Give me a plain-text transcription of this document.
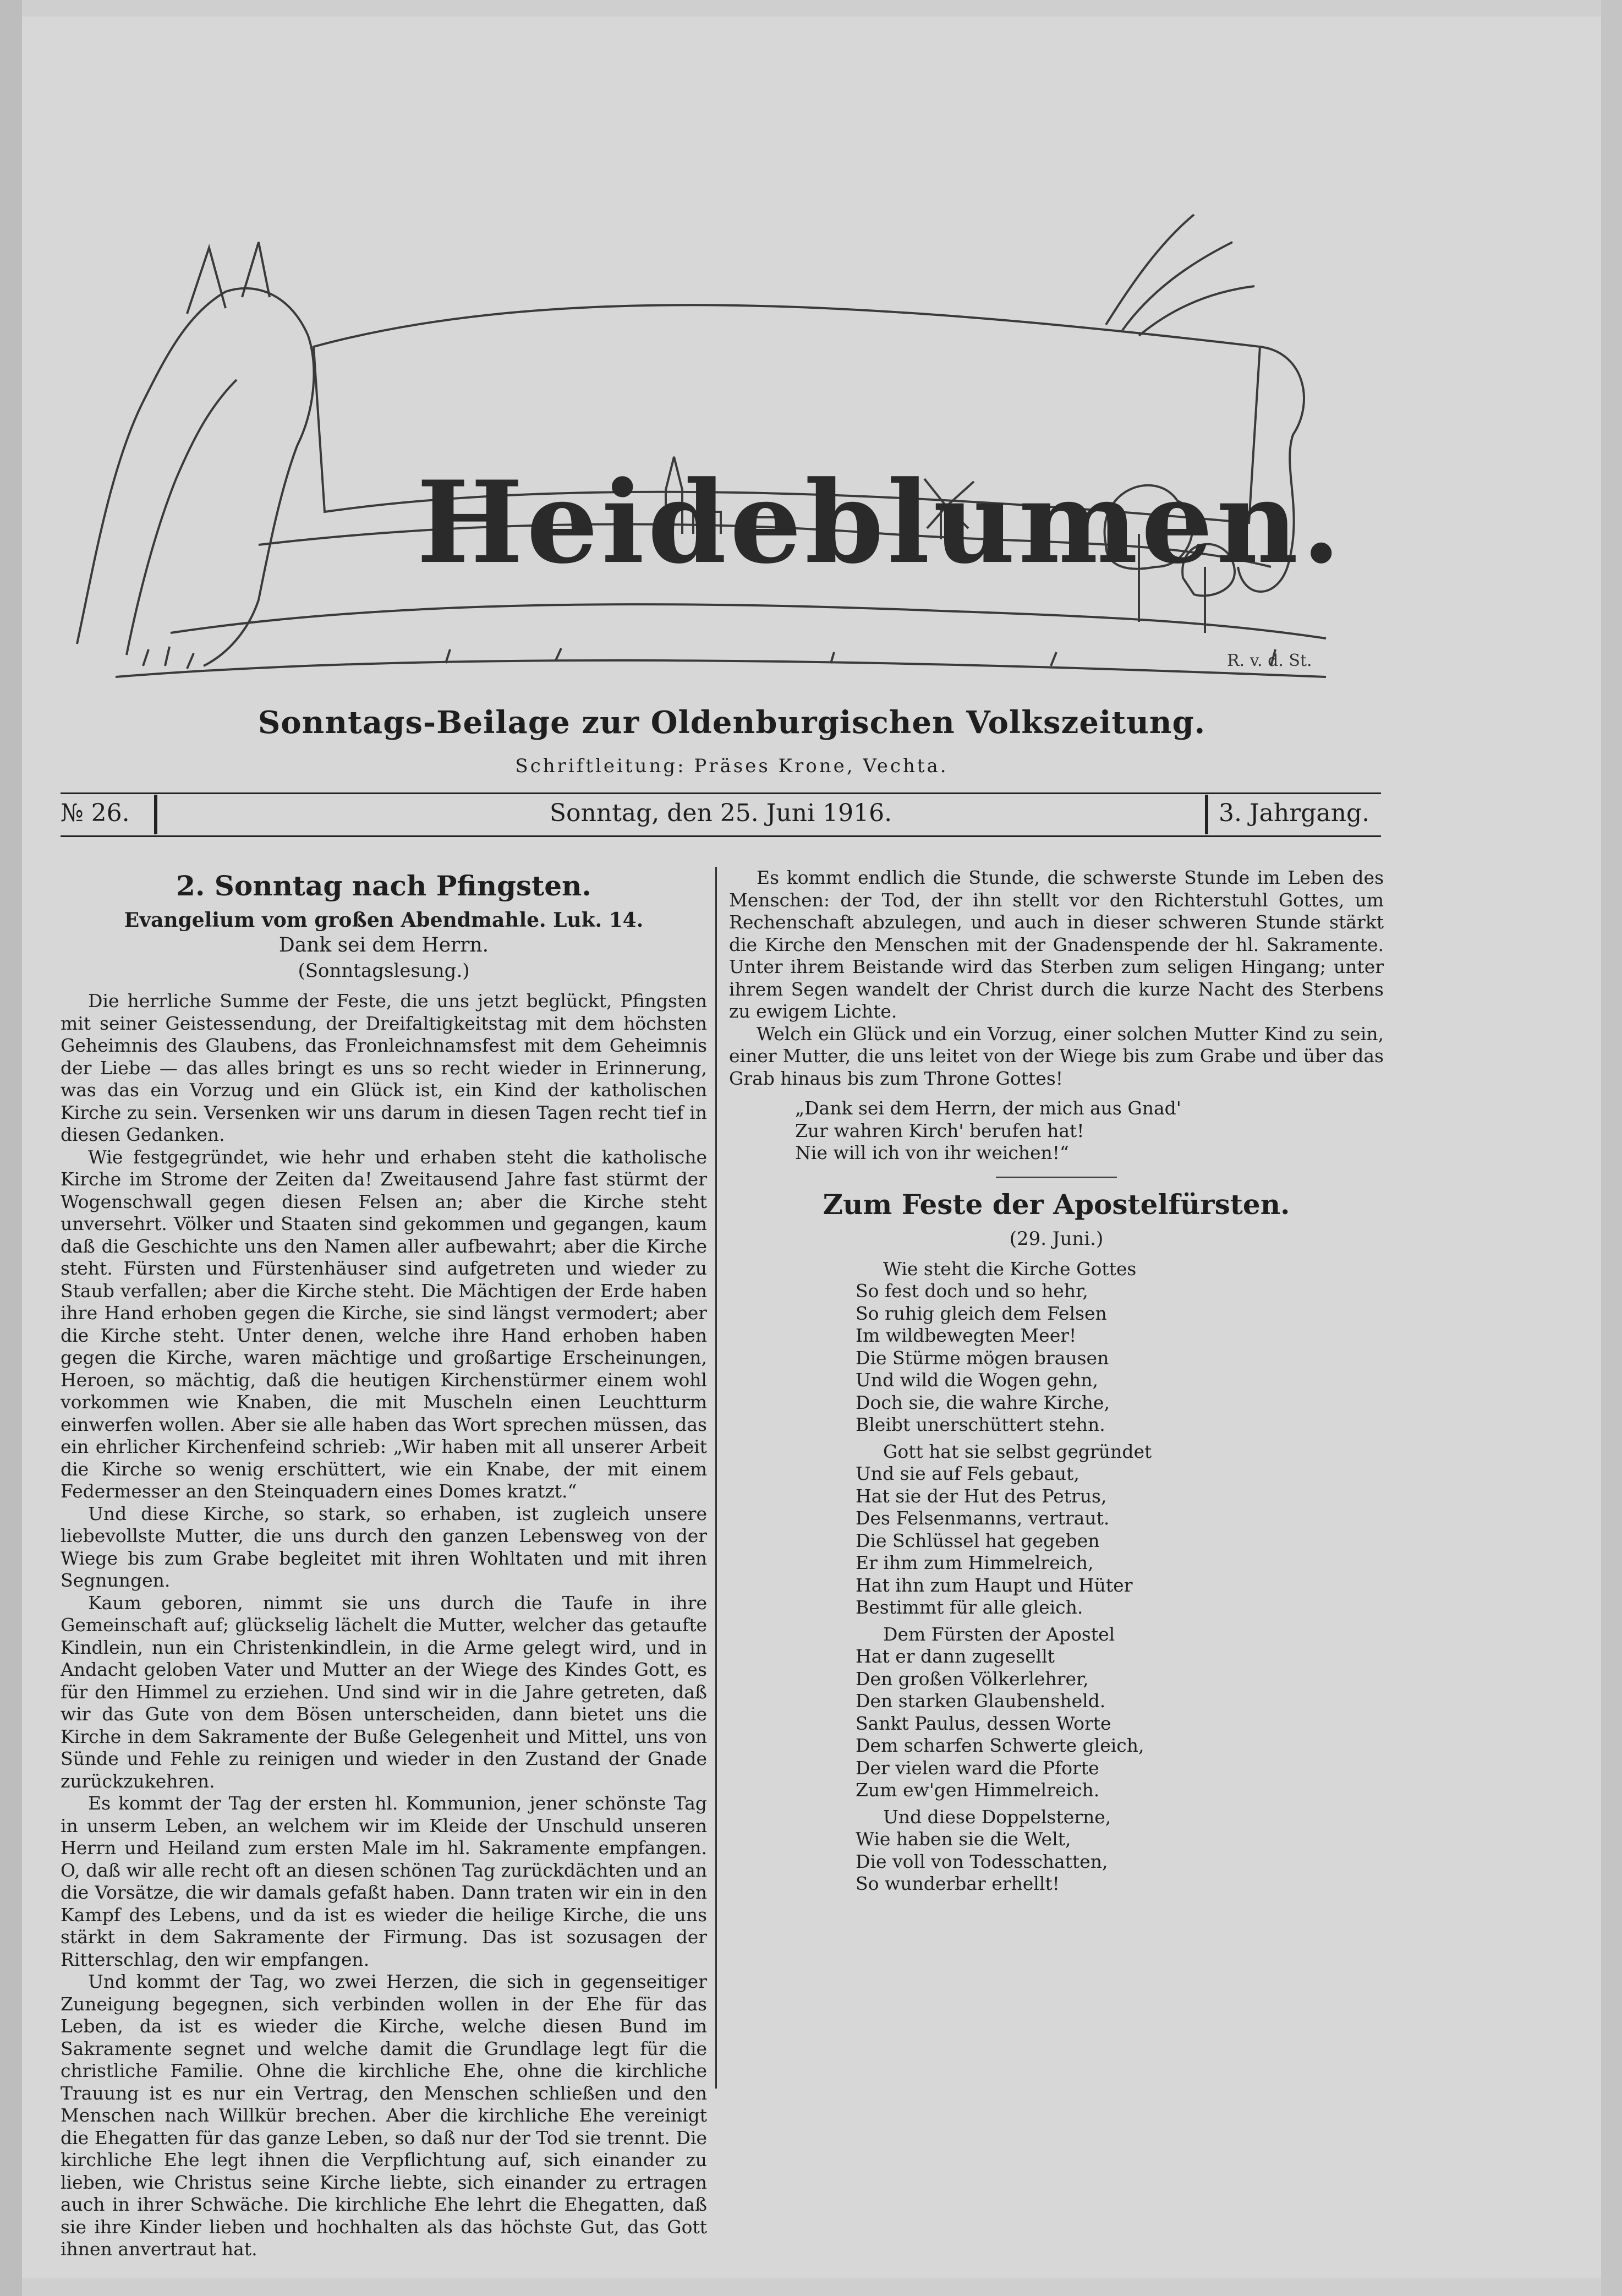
R. v. d. St.
Heideblumen.
Sonntags-Beilage zur Oldenburgischen Volkszeitung.
Schriftleitung: Präses Krone, Vechta.
№ 26.	Sonntag, den 25. Juni 1916.	3. Jahrgang.
2. Sonntag nach Pfingsten.
Evangelium vom großen Abendmahle. Luk. 14.
Dank sei dem Herrn.
(Sonntagslesung.)

Die herrliche Summe der Feste, die uns jetzt beglückt, Pfingsten mit seiner Geistessendung, der Dreifaltigkeitstag mit dem höchsten Geheimnis des Glaubens, das Fronleichnamsfest mit dem Geheimnis der Liebe — das alles bringt es uns so recht wieder in Erinnerung, was das ein Vorzug und ein Glück ist, ein Kind der katholischen Kirche zu sein. Versenken wir uns darum in diesen Tagen recht tief in diesen Gedanken.

Wie festgegründet, wie hehr und erhaben steht die katholische Kirche im Strome der Zeiten da! Zweitausend Jahre fast stürmt der Wogenschwall gegen diesen Felsen an; aber die Kirche steht unversehrt. Völker und Staaten sind gekommen und gegangen, kaum daß die Geschichte uns den Namen aller aufbewahrt; aber die Kirche steht. Fürsten und Fürstenhäuser sind aufgetreten und wieder zu Staub verfallen; aber die Kirche steht. Die Mächtigen der Erde haben ihre Hand erhoben gegen die Kirche, sie sind längst vermodert; aber die Kirche steht. Unter denen, welche ihre Hand erhoben haben gegen die Kirche, waren mächtige und großartige Erscheinungen, Heroen, so mächtig, daß die heutigen Kirchenstürmer einem wohl vorkommen wie Knaben, die mit Muscheln einen Leuchtturm einwerfen wollen. Aber sie alle haben das Wort sprechen müssen, das ein ehrlicher Kirchenfeind schrieb: „Wir haben mit all unserer Arbeit die Kirche so wenig erschüttert, wie ein Knabe, der mit einem Federmesser an den Steinquadern eines Domes kratzt.“

Und diese Kirche, so stark, so erhaben, ist zugleich unsere liebevollste Mutter, die uns durch den ganzen Lebensweg von der Wiege bis zum Grabe begleitet mit ihren Wohltaten und mit ihren Segnungen.

Kaum geboren, nimmt sie uns durch die Taufe in ihre Gemeinschaft auf; glückselig lächelt die Mutter, welcher das getaufte Kindlein, nun ein Christenkindlein, in die Arme gelegt wird, und in Andacht geloben Vater und Mutter an der Wiege des Kindes Gott, es für den Himmel zu erziehen. Und sind wir in die Jahre getreten, daß wir das Gute von dem Bösen unterscheiden, dann bietet uns die Kirche in dem Sakramente der Buße Gelegenheit und Mittel, uns von Sünde und Fehle zu reinigen und wieder in den Zustand der Gnade zurückzukehren.

Es kommt der Tag der ersten hl. Kommunion, jener schönste Tag in unserm Leben, an welchem wir im Kleide der Unschuld unseren Herrn und Heiland zum ersten Male im hl. Sakramente empfangen. O, daß wir alle recht oft an diesen schönen Tag zurückdächten und an die Vorsätze, die wir damals gefaßt haben. Dann traten wir ein in den Kampf des Lebens, und da ist es wieder die heilige Kirche, die uns stärkt in dem Sakramente der Firmung. Das ist sozusagen der Ritterschlag, den wir empfangen.

Und kommt der Tag, wo zwei Herzen, die sich in gegenseitiger Zuneigung begegnen, sich verbinden wollen in der Ehe für das Leben, da ist es wieder die Kirche, welche diesen Bund im Sakramente segnet und welche damit die Grundlage legt für die christliche Familie. Ohne die kirchliche Ehe, ohne die kirchliche Trauung ist es nur ein Vertrag, den Menschen schließen und den Menschen nach Willkür brechen. Aber die kirchliche Ehe vereinigt die Ehegatten für das ganze Leben, so daß nur der Tod sie trennt. Die kirchliche Ehe legt ihnen die Verpflichtung auf, sich einander zu lieben, wie Christus seine Kirche liebte, sich einander zu ertragen auch in ihrer Schwäche. Die kirchliche Ehe lehrt die Ehegatten, daß sie ihre Kinder lieben und hochhalten als das höchste Gut, das Gott ihnen anvertraut hat.

Es kommt endlich die Stunde, die schwerste Stunde im Leben des Menschen: der Tod, der ihn stellt vor den Richterstuhl Gottes, um Rechenschaft abzulegen, und auch in dieser schweren Stunde stärkt die Kirche den Menschen mit der Gnadenspende der hl. Sakramente. Unter ihrem Beistande wird das Sterben zum seligen Hingang; unter ihrem Segen wandelt der Christ durch die kurze Nacht des Sterbens zu ewigem Lichte.

Welch ein Glück und ein Vorzug, einer solchen Mutter Kind zu sein, einer Mutter, die uns leitet von der Wiege bis zum Grabe und über das Grab hinaus bis zum Throne Gottes!

„Dank sei dem Herrn, der mich aus Gnad'
Zur wahren Kirch' berufen hat!
Nie will ich von ihr weichen!“
Zum Feste der Apostelfürsten.
(29. Juni.)
Wie steht die Kirche Gottes
So fest doch und so hehr,
So ruhig gleich dem Felsen
Im wildbewegten Meer!
Die Stürme mögen brausen
Und wild die Wogen gehn,
Doch sie, die wahre Kirche,
Bleibt unerschüttert stehn.
Gott hat sie selbst gegründet
Und sie auf Fels gebaut,
Hat sie der Hut des Petrus,
Des Felsenmanns, vertraut.
Die Schlüssel hat gegeben
Er ihm zum Himmelreich,
Hat ihn zum Haupt und Hüter
Bestimmt für alle gleich.
Dem Fürsten der Apostel
Hat er dann zugesellt
Den großen Völkerlehrer,
Den starken Glaubensheld.
Sankt Paulus, dessen Worte
Dem scharfen Schwerte gleich,
Der vielen ward die Pforte
Zum ew'gen Himmelreich.
Und diese Doppelsterne,
Wie haben sie die Welt,
Die voll von Todesschatten,
So wunderbar erhellt!
